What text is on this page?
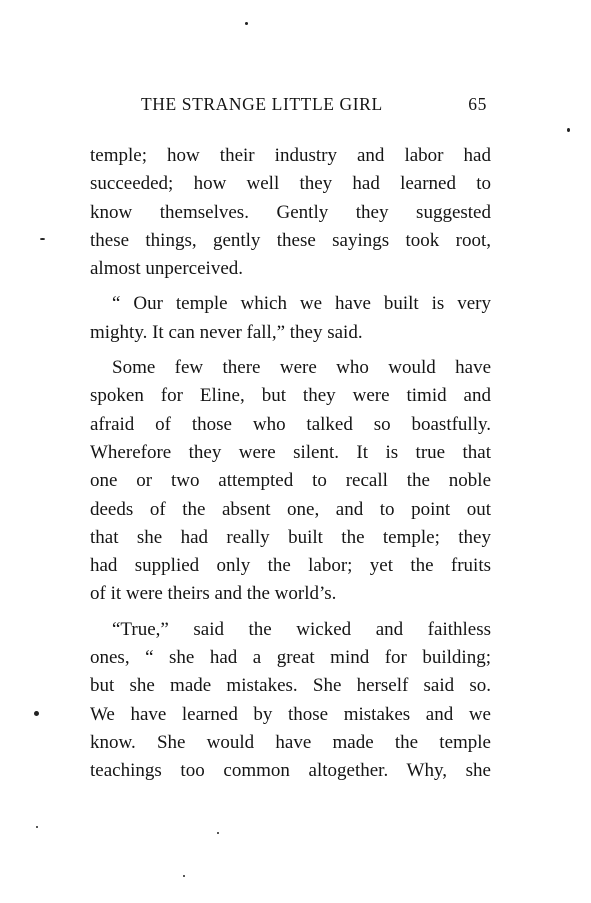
THE STRANGE LITTLE GIRL	65
temple; how their industry and labor had
succeeded; how well they had learned to
know themselves. Gently they suggested
these things, gently these sayings took root,
almost unperceived.
“ Our temple which we have built is very
mighty. It can never fall,” they said.
Some few there were who would have
spoken for Eline, but they were timid and
afraid of those who talked so boastfully.
Wherefore they were silent. It is true that
one or two attempted to recall the noble
deeds of the absent one, and to point out
that she had really built the temple; they
had supplied only the labor; yet the fruits
of it were theirs and the world’s.
“True,” said the wicked and faithless
ones, “ she had a great mind for building;
but she made mistakes. She herself said so.
We have learned by those mistakes and we
know. She would have made the temple
teachings too common altogether. Why, she
